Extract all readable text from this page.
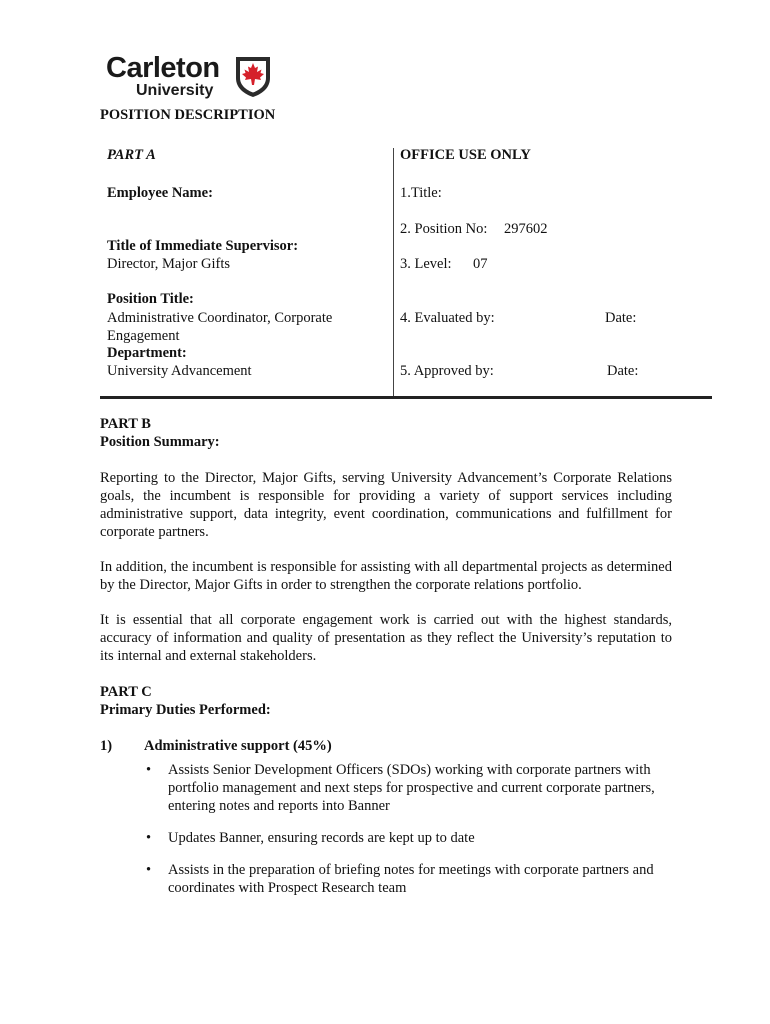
Carleton
University
POSITION DESCRIPTION
PART A
Employee Name:
Title of Immediate Supervisor:
Director, Major Gifts
Position Title:
Administrative Coordinator, Corporate
Engagement
Department:
University Advancement
OFFICE USE ONLY
1.Title:
2. Position No: 297602
3. Level: 07
4. Evaluated by:	Date:
5. Approved by:	Date:
PART B
Position Summary:

Reporting to the Director, Major Gifts, serving University Advancement’s Corporate Relations goals, the incumbent is responsible for providing a variety of support services including administrative support, data integrity, event coordination, communications and fulfillment for corporate partners.

In addition, the incumbent is responsible for assisting with all departmental projects as determined by the Director, Major Gifts in order to strengthen the corporate relations portfolio.

It is essential that all corporate engagement work is carried out with the highest standards, accuracy of information and quality of presentation as they reflect the University’s reputation to its internal and external stakeholders.

PART C
Primary Duties Performed:
1) Administrative support (45%)
• Assists Senior Development Officers (SDOs) working with corporate partners with portfolio management and next steps for prospective and current corporate partners, entering notes and reports into Banner
• Updates Banner, ensuring records are kept up to date
• Assists in the preparation of briefing notes for meetings with corporate partners and coordinates with Prospect Research team
